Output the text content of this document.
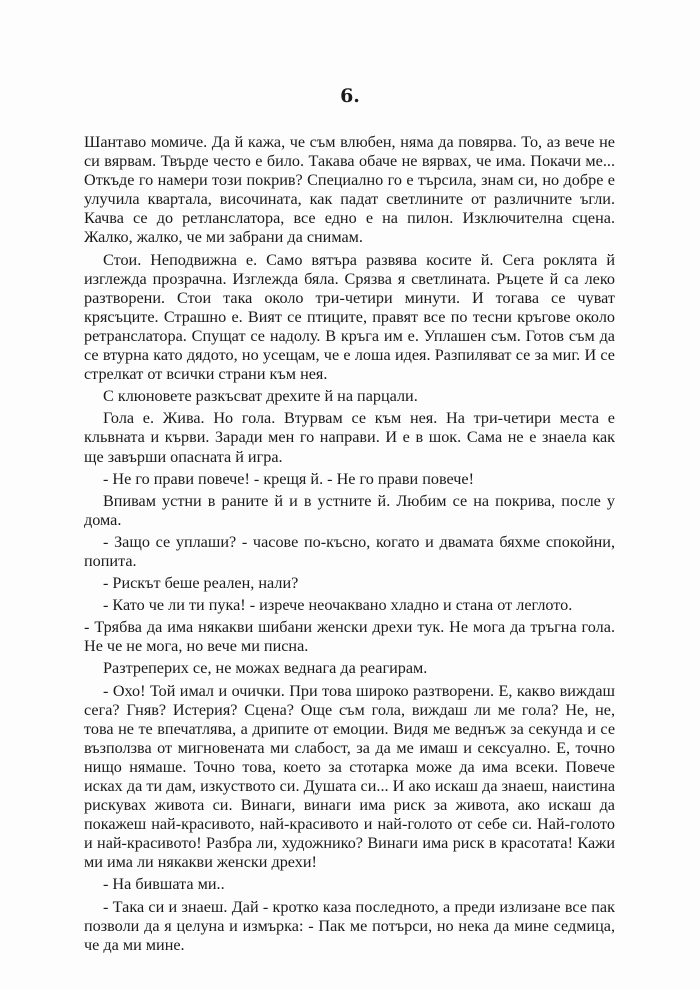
6.

Шантаво момиче. Да й кажа, че съм влюбен, няма да повярва. То, аз вече не си вярвам. Твърде често е било. Такава обаче не вярвах, че има. Покачи ме... Откъде го намери този покрив? Специално го е търсила, знам си, но добре е улучила квартала, височината, как падат светлините от различните ъгли. Качва се до ретланслатора, все едно е на пилон. Изключителна сцена. Жалко, жалко, че ми забрани да снимам.

Стои. Неподвижна е. Само вятъра развява косите й. Сега роклята й изглежда прозрачна. Изглежда бяла. Срязва я светлината. Ръцете й са леко разтворени. Стои така около три-четири минути. И тогава се чуват крясъците. Страшно е. Вият се птиците, правят все по тесни кръгове около ретранслатора. Спущат се надолу. В кръга им е. Уплашен съм. Готов съм да се втурна като дядото, но усещам, че е лоша идея. Разпиляват се за миг. И се стрелкат от всички страни към нея.

С клюновете разкъсват дрехите й на парцали.

Гола е. Жива. Но гола. Втурвам се към нея. На три-четири места е кльвната и кърви. Заради мен го направи. И е в шок. Сама не е знаела как ще завърши опасната й игра.

- Не го прави повече! - крещя й. - Не го прави повече!

Впивам устни в раните й и в устните й. Любим се на покрива, после у дома.

- Защо се уплаши? - часове по-късно, когато и двамата бяхме спокойни, попита.

- Рискът беше реален, нали?

- Като че ли ти пука! - изрече неочаквано хладно и стана от леглото.

- Трябва да има някакви шибани женски дрехи тук. Не мога да тръгна гола. Не че не мога, но вече ми писна.

Разтреперих се, не можах веднага да реагирам.

- Охо! Той имал и очички. При това широко разтворени. Е, какво виждаш сега? Гняв? Истерия? Сцена? Още съм гола, виждаш ли ме гола? Не, не, това не те впечатлява, а дрипите от емоции. Видя ме веднъж за секунда и се възползва от мигновената ми слабост, за да ме имаш и сексуално. Е, точно нищо нямаше. Точно това, което за стотарка може да има всеки. Повече исках да ти дам, изкуството си. Душата си... И ако искаш да знаеш, наистина рискувах живота си. Винаги, винаги има риск за живота, ако искаш да покажеш най-красивото, най-красивото и най-голото от себе си. Най-голото и най-красивото! Разбра ли, художнико? Винаги има риск в красотата! Кажи ми има ли някакви женски дрехи!

- На бившата ми..

- Така си и знаеш. Дай - кротко каза последното, а преди излизане все пак позволи да я целуна и измърка: - Пак ме потърси, но нека да мине седмица, че да ми мине.
